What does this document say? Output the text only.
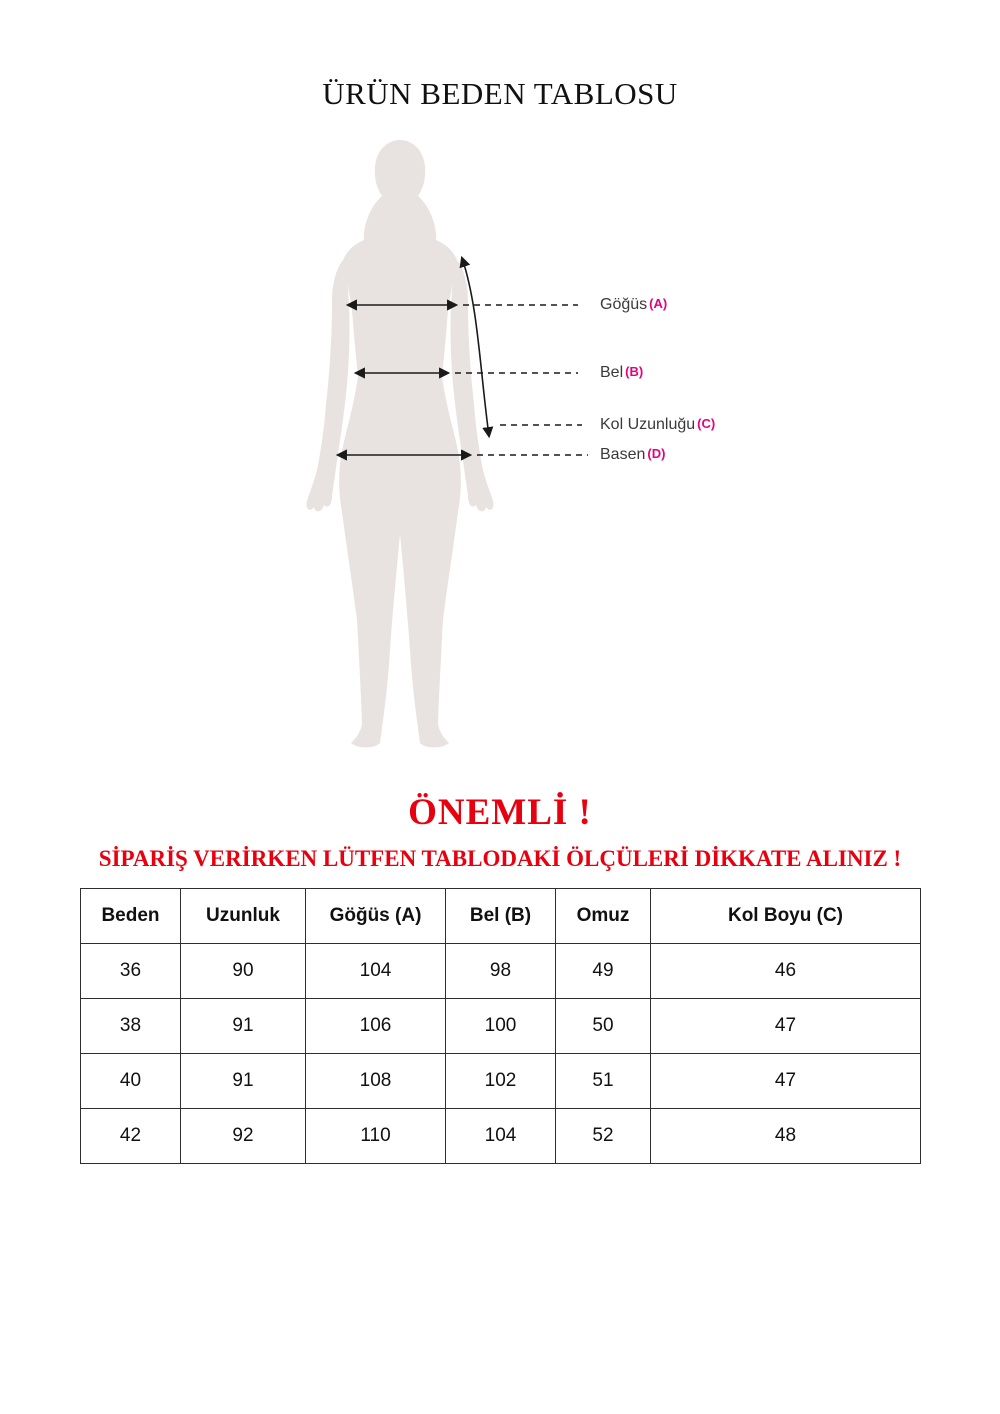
ÜRÜN BEDEN TABLOSU
Göğüs (A)
Bel (B)
Kol Uzunluğu (C)
Basen (D)
ÖNEMLİ !
SİPARİŞ VERİRKEN LÜTFEN TABLODAKİ ÖLÇÜLERİ DİKKATE ALINIZ !
Beden	Uzunluk	Göğüs (A)	Bel (B)	Omuz	Kol Boyu (C)
36	90	104	98	49	46
38	91	106	100	50	47
40	91	108	102	51	47
42	92	110	104	52	48
